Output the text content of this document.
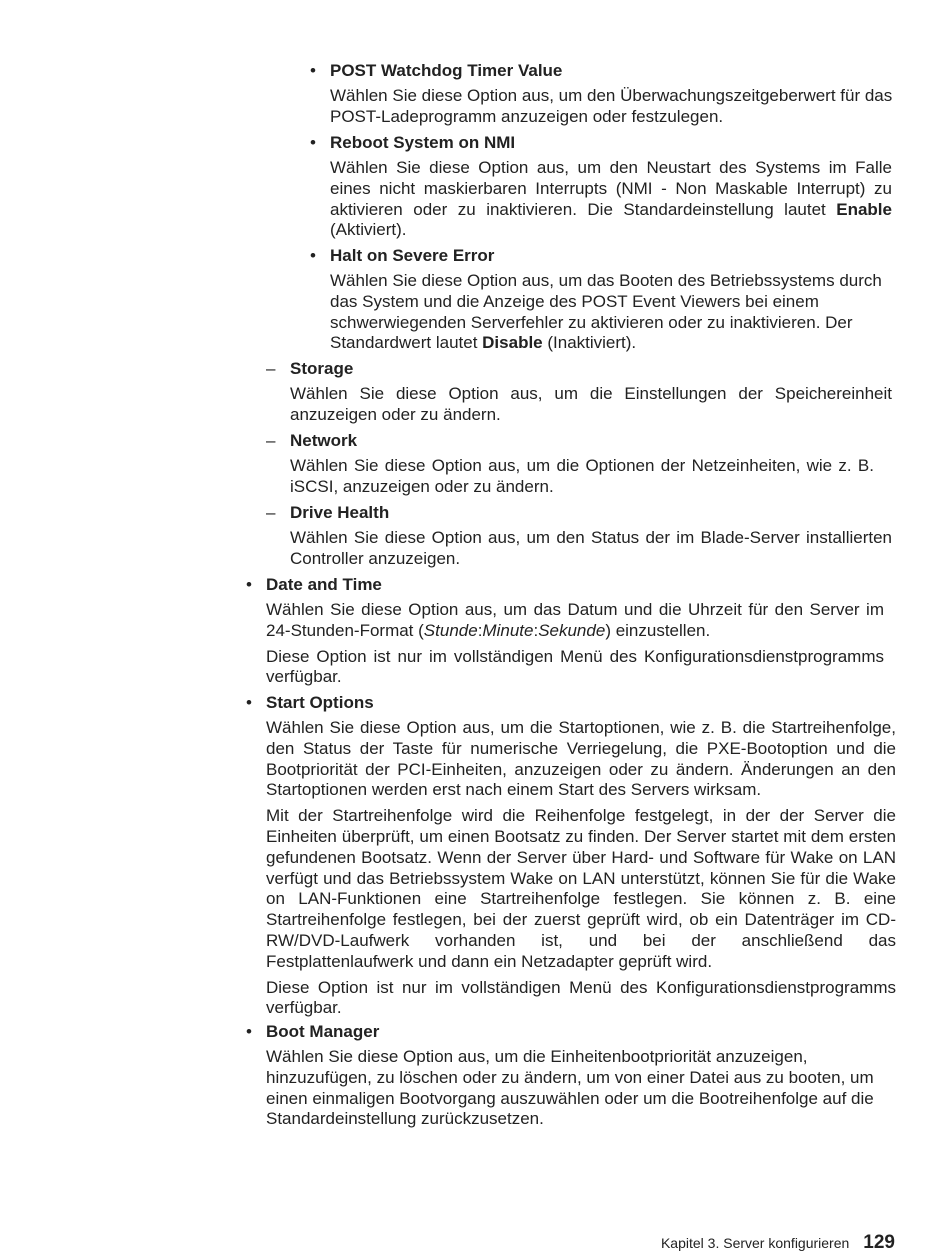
• POST Watchdog Timer Value

Wählen Sie diese Option aus, um den Überwachungszeitgeberwert für das POST-Ladeprogramm anzuzeigen oder festzulegen.

• Reboot System on NMI

Wählen Sie diese Option aus, um den Neustart des Systems im Falle eines nicht maskierbaren Interrupts (NMI - Non Maskable Interrupt) zu aktivieren oder zu inaktivieren. Die Standardeinstellung lautet Enable (Aktiviert).

• Halt on Severe Error

Wählen Sie diese Option aus, um das Booten des Betriebssystems durch das System und die Anzeige des POST Event Viewers bei einem schwerwiegenden Serverfehler zu aktivieren oder zu inaktivieren. Der Standardwert lautet Disable (Inaktiviert).

– Storage

Wählen Sie diese Option aus, um die Einstellungen der Speichereinheit anzuzeigen oder zu ändern.

– Network

Wählen Sie diese Option aus, um die Optionen der Netzeinheiten, wie z. B. iSCSI, anzuzeigen oder zu ändern.

– Drive Health

Wählen Sie diese Option aus, um den Status der im Blade-Server installierten Controller anzuzeigen.

• Date and Time

Wählen Sie diese Option aus, um das Datum und die Uhrzeit für den Server im 24-Stunden-Format (Stunde:Minute:Sekunde) einzustellen.

Diese Option ist nur im vollständigen Menü des Konfigurationsdienstprogramms verfügbar.

• Start Options

Wählen Sie diese Option aus, um die Startoptionen, wie z. B. die Startreihenfolge, den Status der Taste für numerische Verriegelung, die PXE-Bootoption und die Bootpriorität der PCI-Einheiten, anzuzeigen oder zu ändern. Änderungen an den Startoptionen werden erst nach einem Start des Servers wirksam.

Mit der Startreihenfolge wird die Reihenfolge festgelegt, in der der Server die Einheiten überprüft, um einen Bootsatz zu finden. Der Server startet mit dem ersten gefundenen Bootsatz. Wenn der Server über Hard- und Software für Wake on LAN verfügt und das Betriebssystem Wake on LAN unterstützt, können Sie für die Wake on LAN-Funktionen eine Startreihenfolge festlegen. Sie können z. B. eine Startreihenfolge festlegen, bei der zuerst geprüft wird, ob ein Datenträger im CD-RW/DVD-Laufwerk vorhanden ist, und bei der anschließend das Festplattenlaufwerk und dann ein Netzadapter geprüft wird.

Diese Option ist nur im vollständigen Menü des Konfigurationsdienstprogramms verfügbar.

• Boot Manager

Wählen Sie diese Option aus, um die Einheitenbootpriorität anzuzeigen, hinzuzufügen, zu löschen oder zu ändern, um von einer Datei aus zu booten, um einen einmaligen Bootvorgang auszuwählen oder um die Bootreihenfolge auf die Standardeinstellung zurückzusetzen.

Kapitel 3. Server konfigurieren 129
